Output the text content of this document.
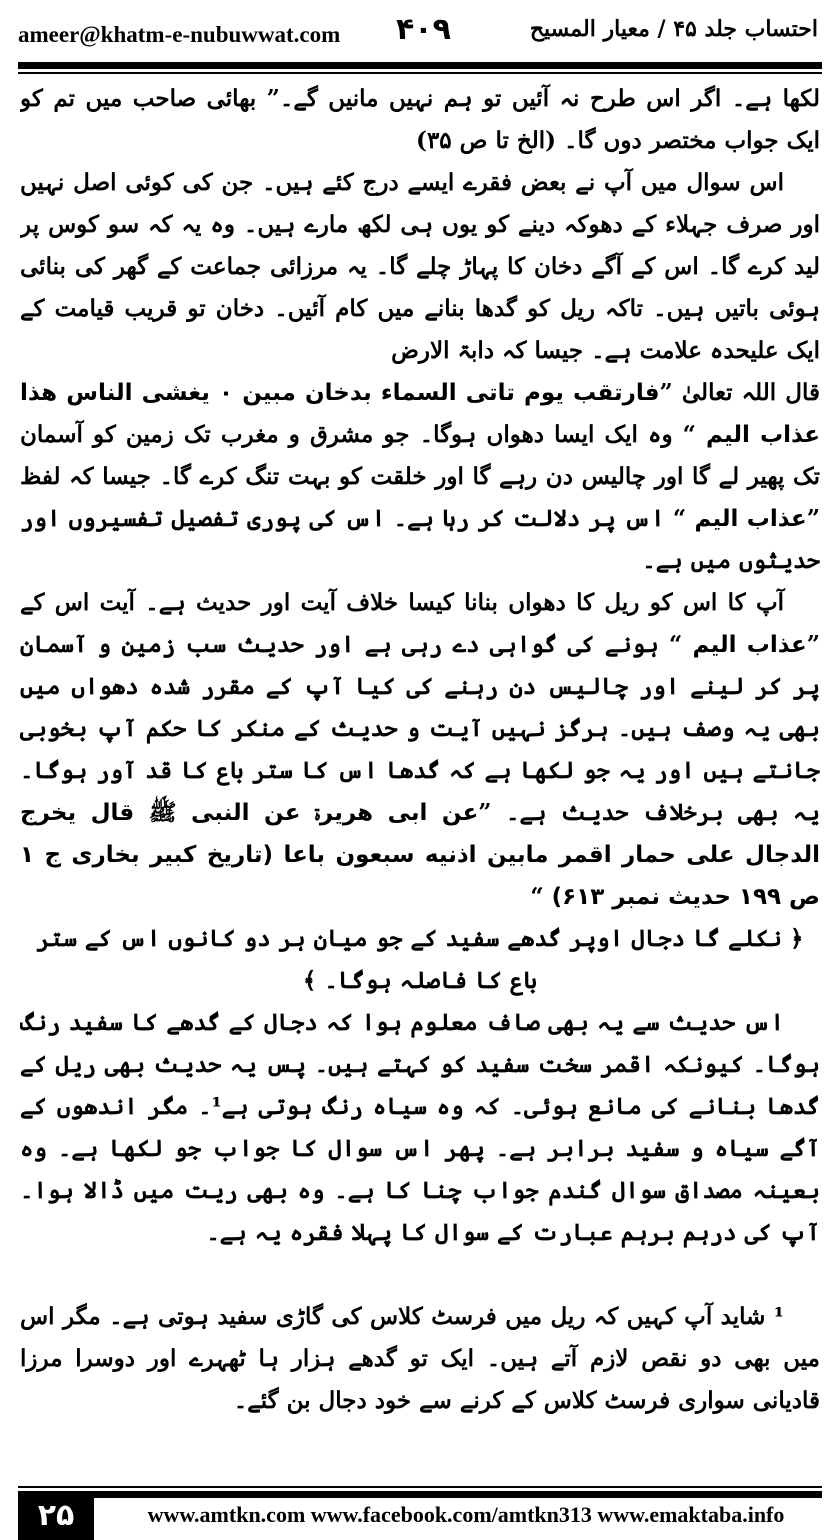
ameer@khatm-e-nubuwwat.com ۴۰۹	احتساب جلد ۴۵ / معیار المسیح

لکھا ہے۔ اگر اس طرح نہ آئیں تو ہم نہیں مانیں گے۔” بھائی صاحب میں تم کو ایک جواب مختصر دوں گا۔ (الخ تا ص ۳۵)

اس سوال میں آپ نے بعض فقرے ایسے درج کئے ہیں۔ جن کی کوئی اصل نہیں اور صرف جہلاء کے دھوکہ دینے کو یوں ہی لکھ مارے ہیں۔ وہ یہ کہ سو کوس پر لید کرے گا۔ اس کے آگے دخان کا پہاڑ چلے گا۔ یہ مرزائی جماعت کے گھر کی بنائی ہوئی باتیں ہیں۔ تاکہ ریل کو گدھا بنانے میں کام آئیں۔ دخان تو قریب قیامت کے ایک علیحدہ علامت ہے۔ جیسا کہ دابۃ الارض

قال اللہ تعالیٰ ”فارتقب یوم تاتی السماء بدخان مبین ٠ یغشی الناس هذا عذاب الیم “ وہ ایک ایسا دھواں ہوگا۔ جو مشرق و مغرب تک زمین کو آسمان تک پھیر لے گا اور چالیس دن رہے گا اور خلقت کو بہت تنگ کرے گا۔ جیسا کہ لفظ ”عذاب الیم “ اس پر دلالت کر رہا ہے۔ اس کی پوری تفصیل تفسیروں اور حدیثوں میں ہے۔

آپ کا اس کو ریل کا دھواں بنانا کیسا خلاف آیت اور حدیث ہے۔ آیت اس کے ”عذاب الیم “ ہونے کی گواہی دے رہی ہے اور حدیث سب زمین و آسمان پر کر لینے اور چالیس دن رہنے کی کیا آپ کے مقرر شدہ دھواں میں بھی یہ وصف ہیں۔ ہرگز نہیں آیت و حدیث کے منکر کا حکم آپ بخوبی جانتے ہیں اور یہ جو لکھا ہے کہ گدھا اس کا ستر باع کا قد آور ہوگا۔ یہ بھی برخلاف حدیث ہے۔ ”عن ابی هریرۃ عن النبی ﷺ قال یخرج الدجال علی حمار اقمر مابین اذنیه سبعون باعا (تاریخ کبیر بخاری ج ۱ ص ۱۹۹ حدیث نمبر ۶۱۳) “

﴿ نکلے گا دجال اوپر گدھے سفید کے جو میان ہر دو کانوں اس کے ستر باع کا فاصلہ ہوگا۔ ﴾

اس حدیث سے یہ بھی صاف معلوم ہوا کہ دجال کے گدھے کا سفید رنگ ہوگا۔ کیونکہ اقمر سخت سفید کو کہتے ہیں۔ پس یہ حدیث بھی ریل کے گدھا بنانے کی مانع ہوئی۔ کہ وہ سیاہ رنگ ہوتی ہے¹۔ مگر اندھوں کے آگے سیاہ و سفید برابر ہے۔ پھر اس سوال کا جواب جو لکھا ہے۔ وہ بعینہ مصداق سوال گندم جواب چنا کا ہے۔ وہ بھی ریت میں ڈالا ہوا۔ آپ کی درہم برہم عبارت کے سوال کا پہلا فقرہ یہ ہے۔

¹ شاید آپ کہیں کہ ریل میں فرسٹ کلاس کی گاڑی سفید ہوتی ہے۔ مگر اس میں بھی دو نقص لازم آتے ہیں۔ ایک تو گدھے ہزار ہا ٹھہرے اور دوسرا مرزا قادیانی سواری فرسٹ کلاس کے کرنے سے خود دجال بن گئے۔

۲۵	www.amtkn.com www.facebook.com/amtkn313 www.emaktaba.info
